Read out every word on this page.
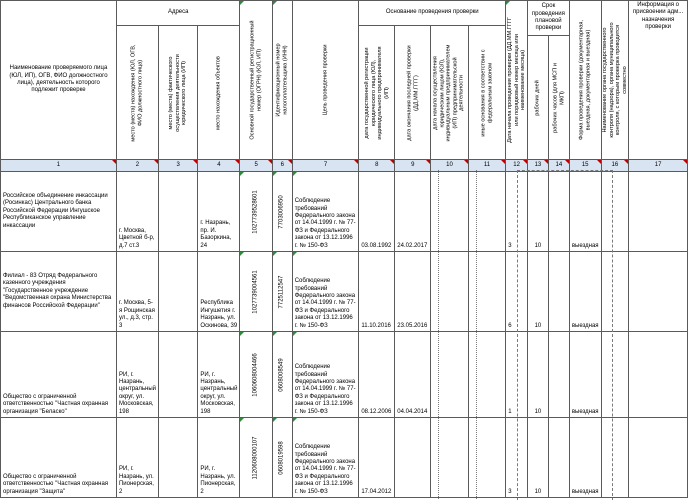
Наименование проверяемого лица (ЮЛ, ИП), ОГВ, ФИО должностного лица), деятельность которого подлежит проверке	Адреса			Основной государственный регистрационный номер (ОГРН) (ЮЛ, ИП)	Идентификационный номер налогоплательщика (ИНН)	Цель проведения проверки	Основание проведения проверки				Дата начала проведения проверки (ДД.ММ.ГГГГ или порядковый номер месяца или наименование месяца)	Срок проведения плановой проверки		Форма проведения проверки (документарная, выездная, документарная и выездная)	Наименование органа государственного контроля (надзора), органа муниципального контроля, с которым проверка проводится совместно	Информация о присвоении адм... назначения проверки

	место (места) нахождения (ЮЛ, ОГВ, ФИО должностного лица)	место (места) фактического осуществления деятельности юридического лица (ИП)	место нахождения объектов				дата государственной регистрации юридического лица (ЮЛ), индивидуального предпринимателя (ИП)	дата окончания последней проверки (ДД.ММ.ГГГГ)	дата начала осуществления юридическим лицом (ЮЛ), индивидуальным предпринимателем (ИП) предпринимательской деятельности	иные основания в соответствии с федеральным законом						

												рабочих дней	рабочих часов (для МСП и МКП)			

1	2	3	4	5	6	7	8	9	10	11	12	13	14	15	16	17

Российское объединение инкассации (Росинкас) Центрального банка Российской Федерации Ингушское Республиканское управление инкассации	г. Москва, Цветной б-р, д.7 ст.3		г. Назрань, пр. И. Базоркина, 24	1027739528601	7703006950	Соблюдение требований Федерального закона от 14.04.1999 г. № 77-ФЗ и Федерального закона от 13.12.1996 г. № 150-ФЗ	03.08.1992	24.02.2017			3	10		выездная		

Филиал - 83 Отряд Федерального казенного учреждения "Государственное учреждение "Ведомственная охрана Министерства финансов Российской Федерации"	г. Москва, 5-я Рощинская ул., д.3, стр. 3		Республика Ингушетия г. Назрань, ул. Оскинова, 39	1027739004561	7725112547	Соблюдение требований Федерального закона от 14.04.1999 г. № 77-ФЗ и Федерального закона от 13.12.1996 г. № 150-ФЗ	11.10.2016	23.05.2016			6	10		выездная		

Общество с ограниченной ответственностью "Частная охранная организация "Беласко"	РИ, г. Назрань, центральный округ, ул. Московская, 198		РИ, г. Назрань, центральный округ, ул. Московская, 198	1060608004466	0608008549	Соблюдение требований Федерального закона от 14.04.1999 г. № 77-ФЗ и Федерального закона от 13.12.1996 г. № 150-ФЗ	08.12.2006	04.04.2014			1	10		выездная		

Общество с ограниченной ответственностью "Частная охранная организация "Защита"	РИ, г. Назрань, ул. Пионерская, 2		РИ, г. Назрань, ул. Пионерская, 2	1120608000107	0608019598	Соблюдение требований Федерального закона от 14.04.1999 г. № 77-ФЗ и Федерального закона от 13.12.1996 г. № 150-ФЗ	17.04.2012				3	10		выездная		
